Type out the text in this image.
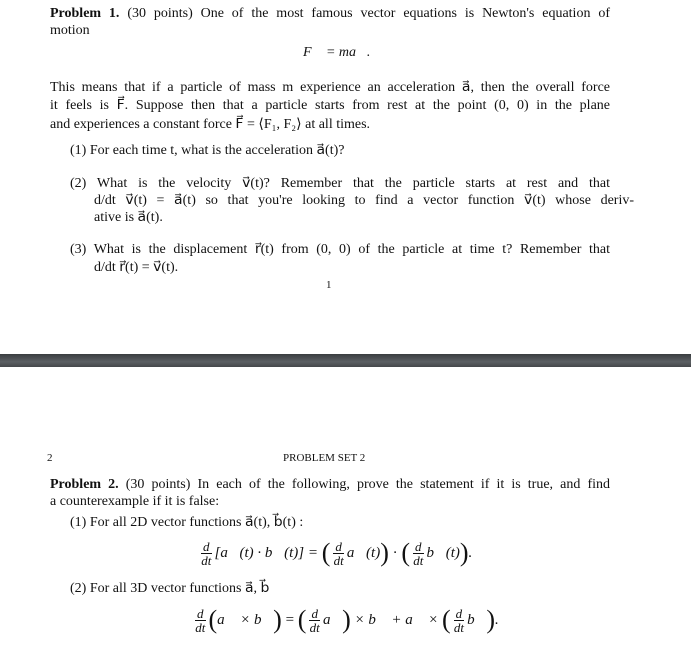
Problem 1. (30 points) One of the most famous vector equations is Newton's equation of
motion
F⃗ = ma⃗.
This means that if a particle of mass m experience an acceleration a⃗, then the overall force
it feels is F⃗. Suppose then that a particle starts from rest at the point (0, 0) in the plane
and experiences a constant force F⃗ = ⟨F₁, F₂⟩ at all times.
(1) For each time t, what is the acceleration a⃗(t)?
(2) What is the velocity v⃗(t)? Remember that the particle starts at rest and that
d/dt v⃗(t) = a⃗(t) so that you're looking to find a vector function v⃗(t) whose deriv-
ative is a⃗(t).
(3) What is the displacement r⃗(t) from (0, 0) of the particle at time t? Remember that
d/dt r⃗(t) = v⃗(t).
1
2	PROBLEM SET 2
Problem 2. (30 points) In each of the following, prove the statement if it is true, and find
a counterexample if it is false:
(1) For all 2D vector functions a⃗(t), b⃗(t) :
$\frac{d}{dt}$ [a⃗(t) · b⃗(t)] =
( $\frac{d}{dt}$ a⃗(t) )
·
( $\frac{d}{dt}$ b⃗(t) ) .
(2) For all 3D vector functions a⃗, b⃗
$\frac{d}{dt}$ ( a⃗ × b⃗ )
=
( $\frac{d}{dt}$ a⃗ )
× b⃗ + a⃗ ×
( $\frac{d}{dt}$ b⃗ ) .
